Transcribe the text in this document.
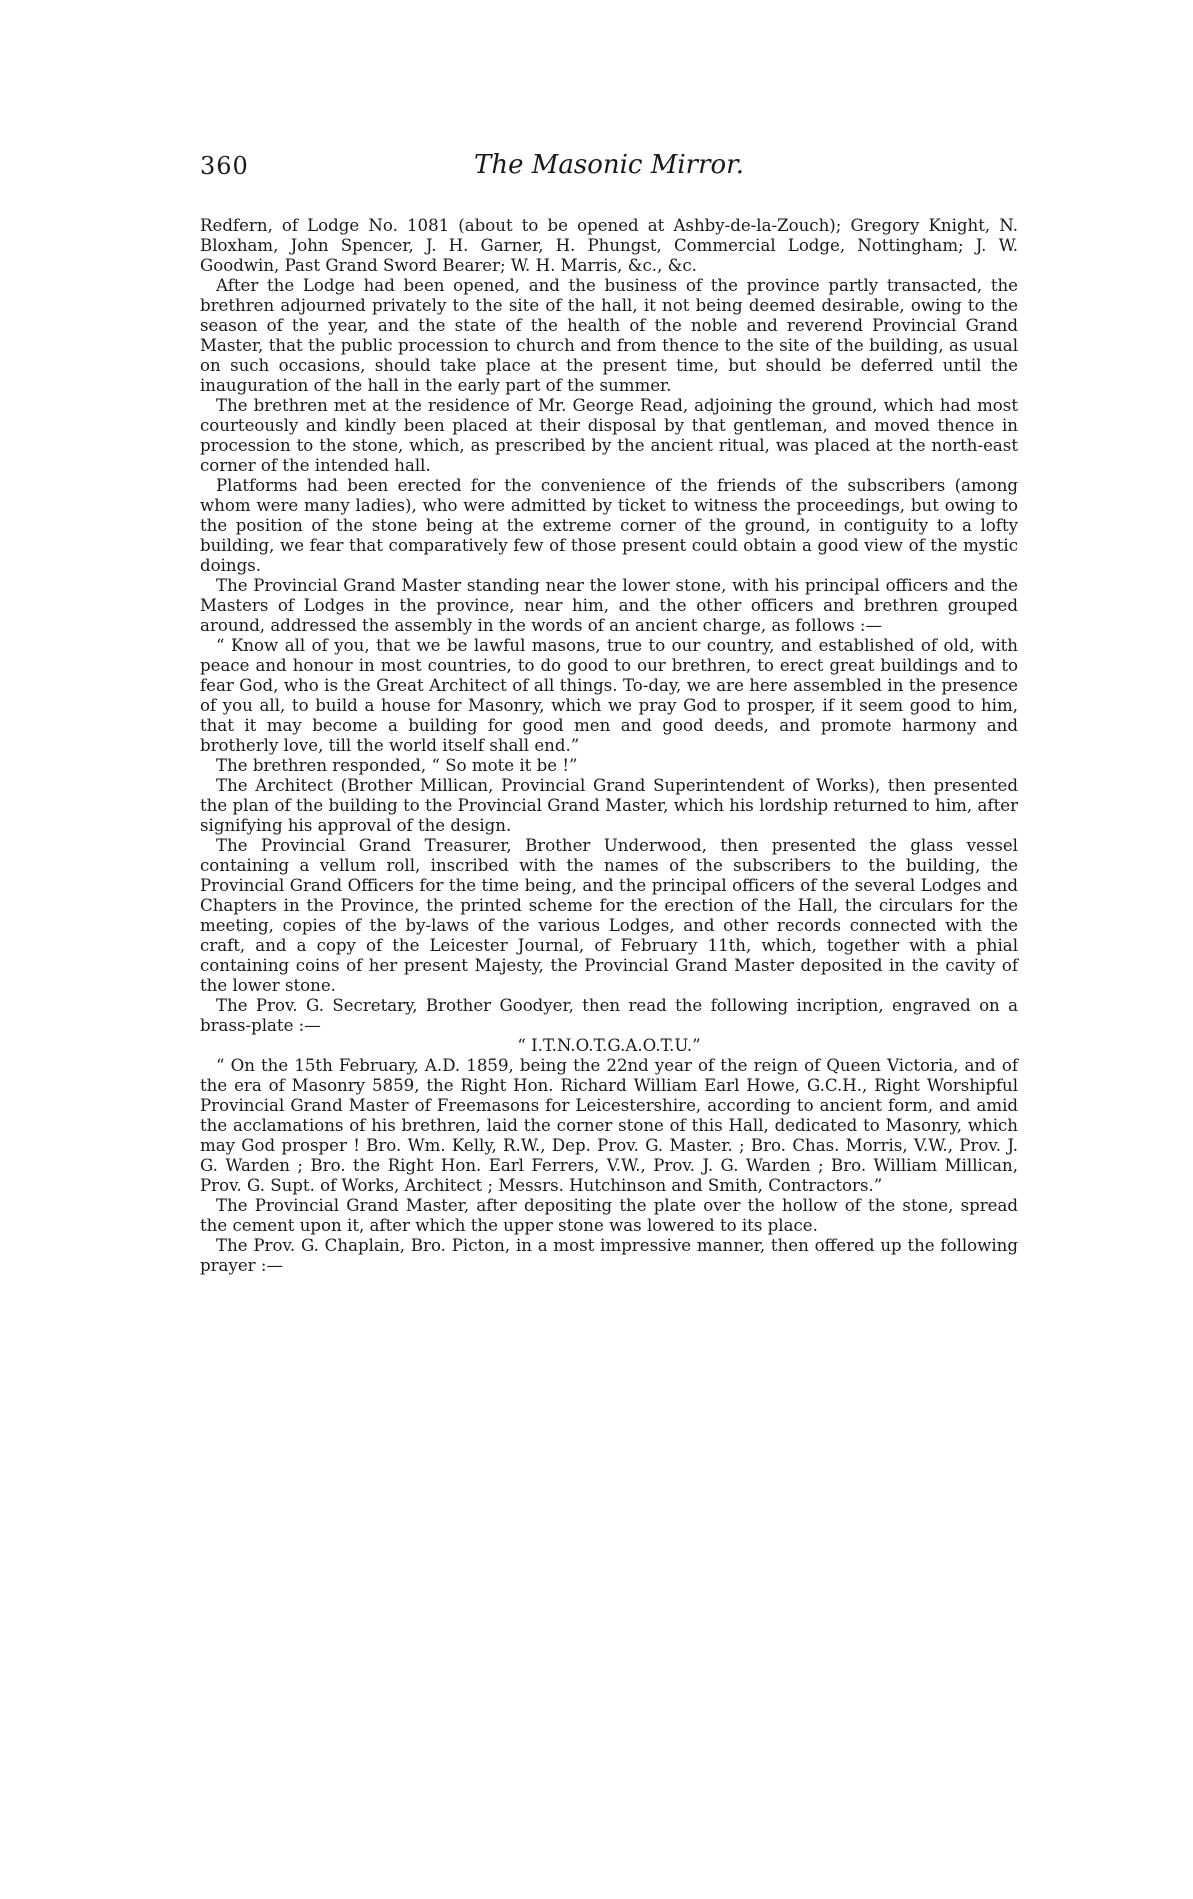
360	The Masonic Mirror.

Redfern, of Lodge No. 1081 (about to be opened at Ashby-de-la-Zouch); Gregory Knight, N. Bloxham, John Spencer, J. H. Garner, H. Phungst, Commercial Lodge, Nottingham; J. W. Goodwin, Past Grand Sword Bearer; W. H. Marris, &c., &c.

After the Lodge had been opened, and the business of the province partly transacted, the brethren adjourned privately to the site of the hall, it not being deemed desirable, owing to the season of the year, and the state of the health of the noble and reverend Provincial Grand Master, that the public procession to church and from thence to the site of the building, as usual on such occasions, should take place at the present time, but should be deferred until the inauguration of the hall in the early part of the summer.

The brethren met at the residence of Mr. George Read, adjoining the ground, which had most courteously and kindly been placed at their disposal by that gentleman, and moved thence in procession to the stone, which, as prescribed by the ancient ritual, was placed at the north-east corner of the intended hall.

Platforms had been erected for the convenience of the friends of the subscribers (among whom were many ladies), who were admitted by ticket to witness the proceedings, but owing to the position of the stone being at the extreme corner of the ground, in contiguity to a lofty building, we fear that comparatively few of those present could obtain a good view of the mystic doings.

The Provincial Grand Master standing near the lower stone, with his principal officers and the Masters of Lodges in the province, near him, and the other officers and brethren grouped around, addressed the assembly in the words of an ancient charge, as follows :—

“ Know all of you, that we be lawful masons, true to our country, and established of old, with peace and honour in most countries, to do good to our brethren, to erect great buildings and to fear God, who is the Great Architect of all things. To-day, we are here assembled in the presence of you all, to build a house for Masonry, which we pray God to prosper, if it seem good to him, that it may become a building for good men and good deeds, and promote harmony and brotherly love, till the world itself shall end.”

The brethren responded, “ So mote it be !”

The Architect (Brother Millican, Provincial Grand Superintendent of Works), then presented the plan of the building to the Provincial Grand Master, which his lordship returned to him, after signifying his approval of the design.

The Provincial Grand Treasurer, Brother Underwood, then presented the glass vessel containing a vellum roll, inscribed with the names of the subscribers to the building, the Provincial Grand Officers for the time being, and the principal officers of the several Lodges and Chapters in the Province, the printed scheme for the erection of the Hall, the circulars for the meeting, copies of the by-laws of the various Lodges, and other records connected with the craft, and a copy of the Leicester Journal, of February 11th, which, together with a phial containing coins of her present Majesty, the Provincial Grand Master deposited in the cavity of the lower stone.

The Prov. G. Secretary, Brother Goodyer, then read the following incription, engraved on a brass-plate :—

“ I.T.N.O.T.G.A.O.T.U.”

“ On the 15th February, A.D. 1859, being the 22nd year of the reign of Queen Victoria, and of the era of Masonry 5859, the Right Hon. Richard William Earl Howe, G.C.H., Right Worshipful Provincial Grand Master of Freemasons for Leicestershire, according to ancient form, and amid the acclamations of his brethren, laid the corner stone of this Hall, dedicated to Masonry, which may God prosper ! Bro. Wm. Kelly, R.W., Dep. Prov. G. Master. ; Bro. Chas. Morris, V.W., Prov. J. G. Warden ; Bro. the Right Hon. Earl Ferrers, V.W., Prov. J. G. Warden ; Bro. William Millican, Prov. G. Supt. of Works, Architect ; Messrs. Hutchinson and Smith, Contractors.”

The Provincial Grand Master, after depositing the plate over the hollow of the stone, spread the cement upon it, after which the upper stone was lowered to its place.

The Prov. G. Chaplain, Bro. Picton, in a most impressive manner, then offered up the following prayer :—
